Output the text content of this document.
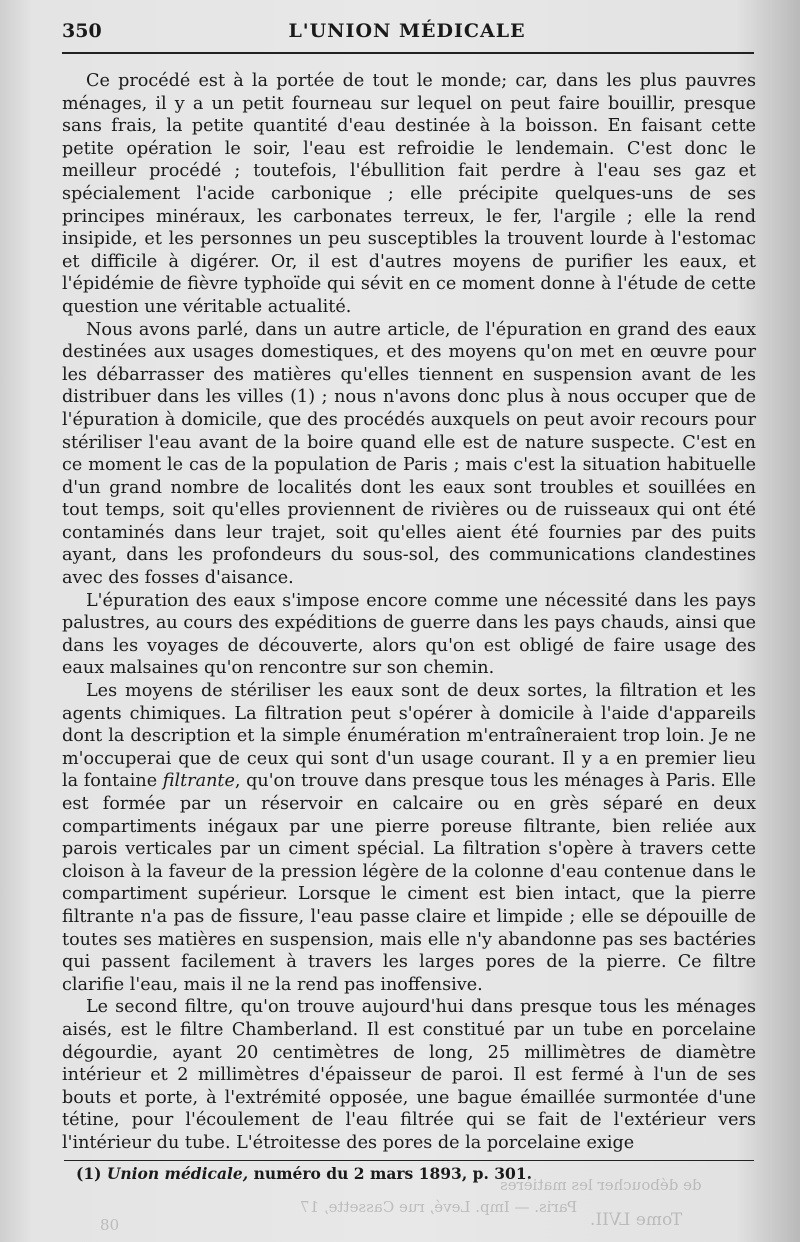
350	L'UNION MÉDICALE

Ce procédé est à la portée de tout le monde; car, dans les plus pauvres ménages, il y a un petit fourneau sur lequel on peut faire bouillir, presque sans frais, la petite quantité d'eau destinée à la boisson. En faisant cette petite opération le soir, l'eau est refroidie le lendemain. C'est donc le meilleur procédé ; toutefois, l'ébullition fait perdre à l'eau ses gaz et spécialement l'acide carbonique ; elle précipite quelques-uns de ses principes minéraux, les carbonates terreux, le fer, l'argile ; elle la rend insipide, et les personnes un peu susceptibles la trouvent lourde à l'estomac et difficile à digérer. Or, il est d'autres moyens de purifier les eaux, et l'épidémie de fièvre typhoïde qui sévit en ce moment donne à l'étude de cette question une véritable actualité.

Nous avons parlé, dans un autre article, de l'épuration en grand des eaux destinées aux usages domestiques, et des moyens qu'on met en œuvre pour les débarrasser des matières qu'elles tiennent en suspension avant de les distribuer dans les villes (1) ; nous n'avons donc plus à nous occuper que de l'épuration à domicile, que des procédés auxquels on peut avoir recours pour stériliser l'eau avant de la boire quand elle est de nature suspecte. C'est en ce moment le cas de la population de Paris ; mais c'est la situation habituelle d'un grand nombre de localités dont les eaux sont troubles et souillées en tout temps, soit qu'elles proviennent de rivières ou de ruisseaux qui ont été contaminés dans leur trajet, soit qu'elles aient été fournies par des puits ayant, dans les profondeurs du sous-sol, des communications clandestines avec des fosses d'aisance.

L'épuration des eaux s'impose encore comme une nécessité dans les pays palustres, au cours des expéditions de guerre dans les pays chauds, ainsi que dans les voyages de découverte, alors qu'on est obligé de faire usage des eaux malsaines qu'on rencontre sur son chemin.

Les moyens de stériliser les eaux sont de deux sortes, la filtration et les agents chimiques. La filtration peut s'opérer à domicile à l'aide d'appareils dont la description et la simple énumération m'entraîneraient trop loin. Je ne m'occuperai que de ceux qui sont d'un usage courant. Il y a en premier lieu la fontaine filtrante, qu'on trouve dans presque tous les ménages à Paris. Elle est formée par un réservoir en calcaire ou en grès séparé en deux compartiments inégaux par une pierre poreuse filtrante, bien reliée aux parois verticales par un ciment spécial. La filtration s'opère à travers cette cloison à la faveur de la pression légère de la colonne d'eau contenue dans le compartiment supérieur. Lorsque le ciment est bien intact, que la pierre filtrante n'a pas de fissure, l'eau passe claire et limpide ; elle se dépouille de toutes ses matières en suspension, mais elle n'y abandonne pas ses bactéries qui passent facilement à travers les larges pores de la pierre. Ce filtre clarifie l'eau, mais il ne la rend pas inoffensive.

Le second filtre, qu'on trouve aujourd'hui dans presque tous les ménages aisés, est le filtre Chamberland. Il est constitué par un tube en porcelaine dégourdie, ayant 20 centimètres de long, 25 millimètres de diamètre intérieur et 2 millimètres d'épaisseur de paroi. Il est fermé à l'un de ses bouts et porte, à l'extrémité opposée, une bague émaillée surmontée d'une tétine, pour l'écoulement de l'eau filtrée qui se fait de l'extérieur vers l'intérieur du tube. L'étroitesse des pores de la porcelaine exige

(1) Union médicale, numéro du 2 mars 1893, p. 301.
de déboucher les matières
Paris. — Imp. Levé, rue Cassette, 17
Tome LVII.
08
